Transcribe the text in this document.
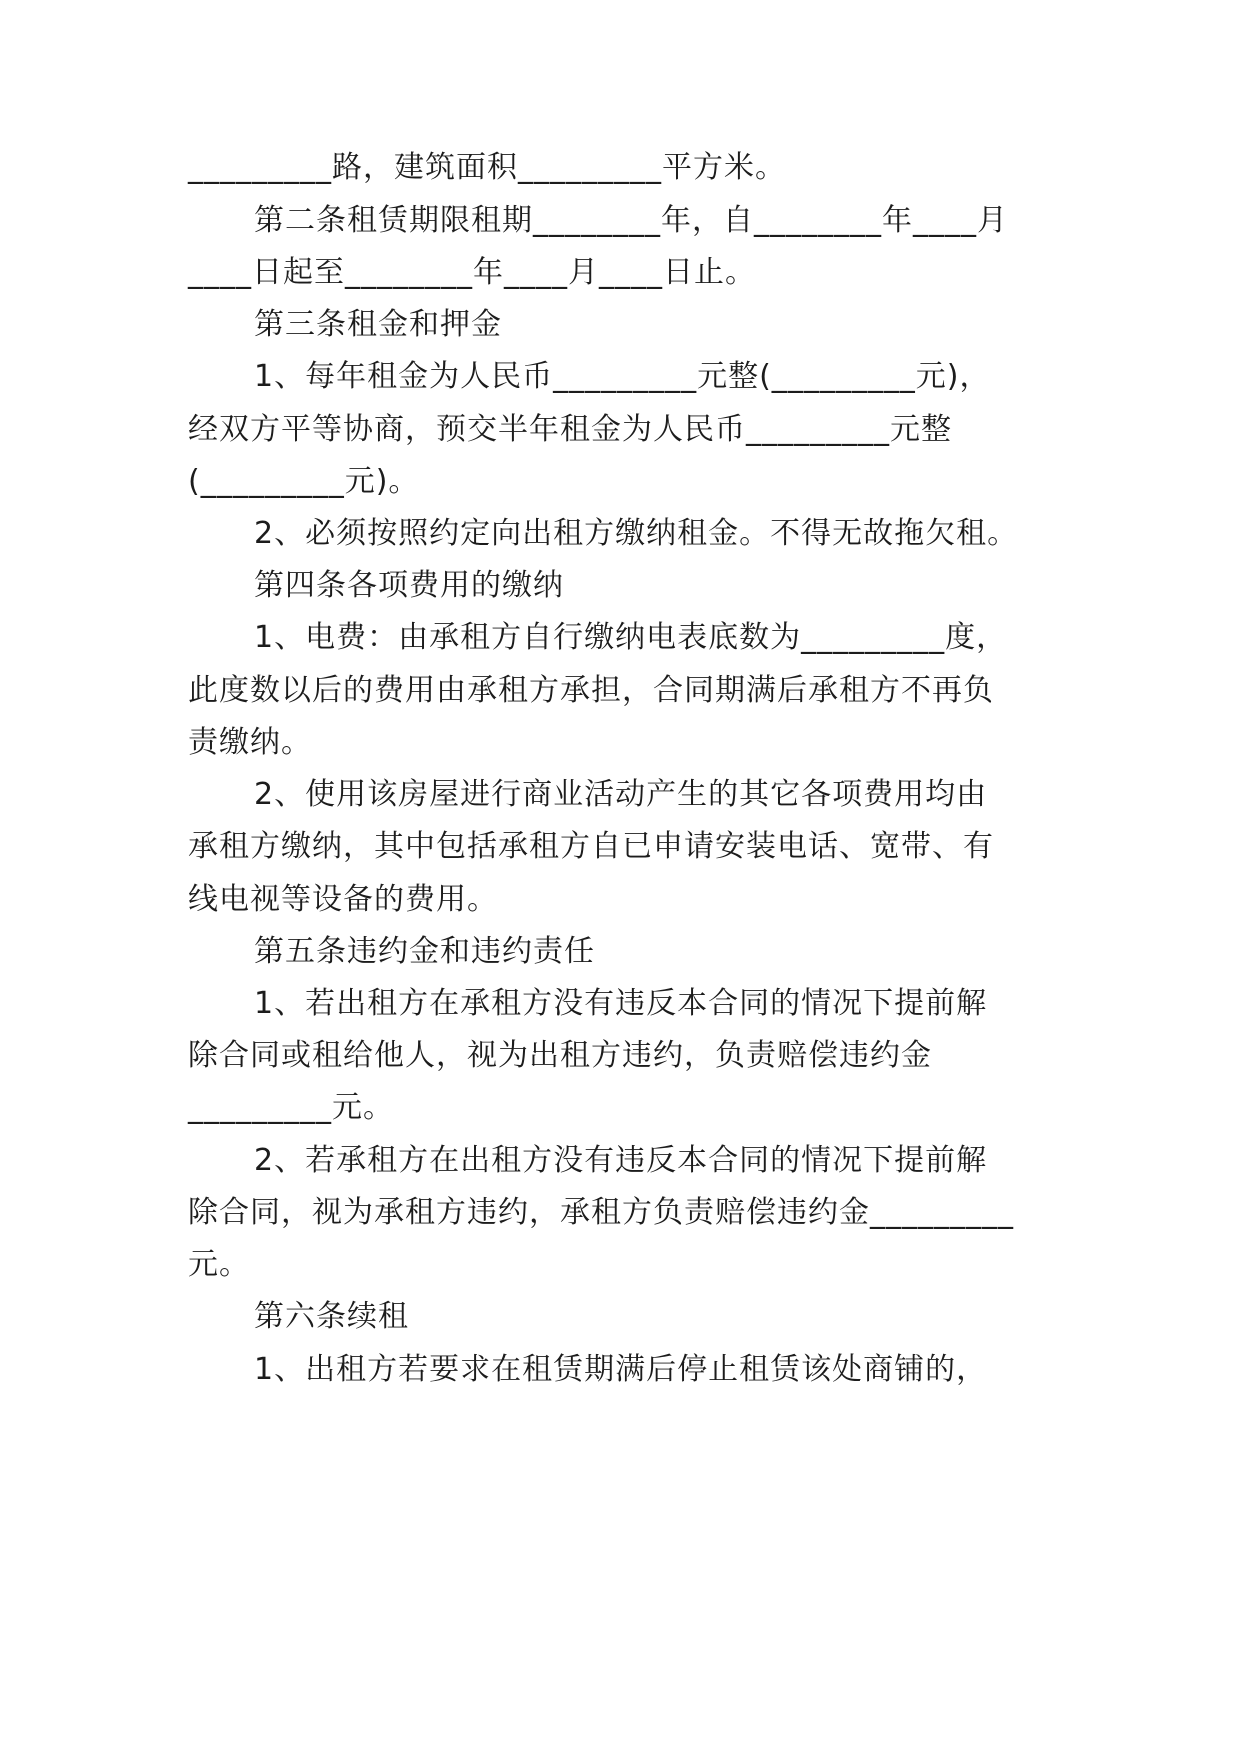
_________路，建筑面积_________平方米。
第二条租赁期限租期________年，自________年____月
____日起至________年____月____日止。
第三条租金和押金
1、每年租金为人民币_________元整(_________元)，
经双方平等协商，预交半年租金为人民币_________元整
(_________元)。
2、必须按照约定向出租方缴纳租金。不得无故拖欠租。
第四条各项费用的缴纳
1、电费：由承租方自行缴纳电表底数为_________度，
此度数以后的费用由承租方承担，合同期满后承租方不再负
责缴纳。
2、使用该房屋进行商业活动产生的其它各项费用均由
承租方缴纳，其中包括承租方自已申请安装电话、宽带、有
线电视等设备的费用。
第五条违约金和违约责任
1、若出租方在承租方没有违反本合同的情况下提前解
除合同或租给他人，视为出租方违约，负责赔偿违约金
_________元。
2、若承租方在出租方没有违反本合同的情况下提前解
除合同，视为承租方违约，承租方负责赔偿违约金_________
元。
第六条续租
1、出租方若要求在租赁期满后停止租赁该处商铺的，
